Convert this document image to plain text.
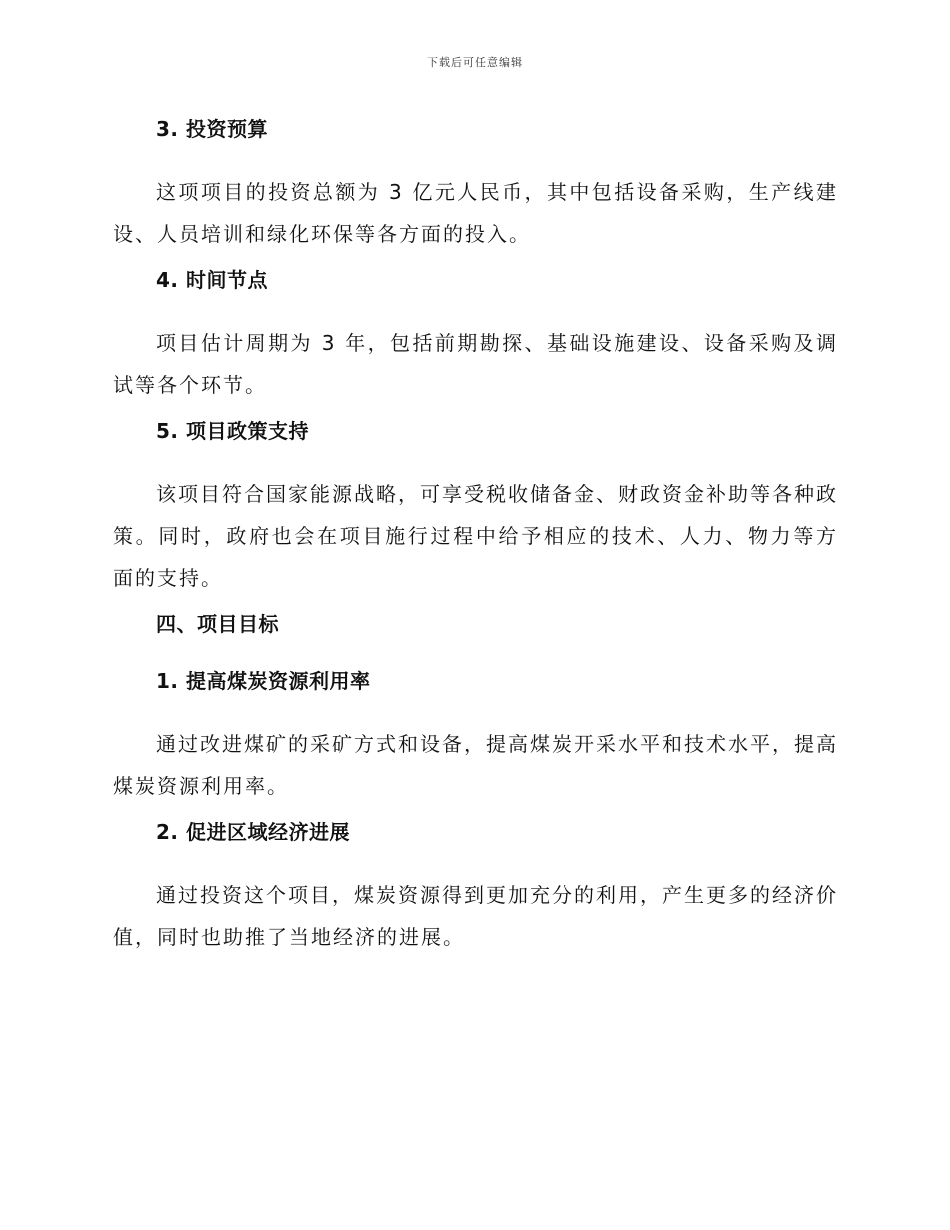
下载后可任意编辑
3. 投资预算

这项项目的投资总额为 3 亿元人民币，其中包括设备采购，生产线建设、人员培训和绿化环保等各方面的投入。

4. 时间节点

项目估计周期为 3 年，包括前期勘探、基础设施建设、设备采购及调试等各个环节。

5. 项目政策支持

该项目符合国家能源战略，可享受税收储备金、财政资金补助等各种政策。同时，政府也会在项目施行过程中给予相应的技术、人力、物力等方面的支持。

四、项目目标
1. 提高煤炭资源利用率

通过改进煤矿的采矿方式和设备，提高煤炭开采水平和技术水平，提高煤炭资源利用率。

2. 促进区域经济进展

通过投资这个项目，煤炭资源得到更加充分的利用，产生更多的经济价值，同时也助推了当地经济的进展。
